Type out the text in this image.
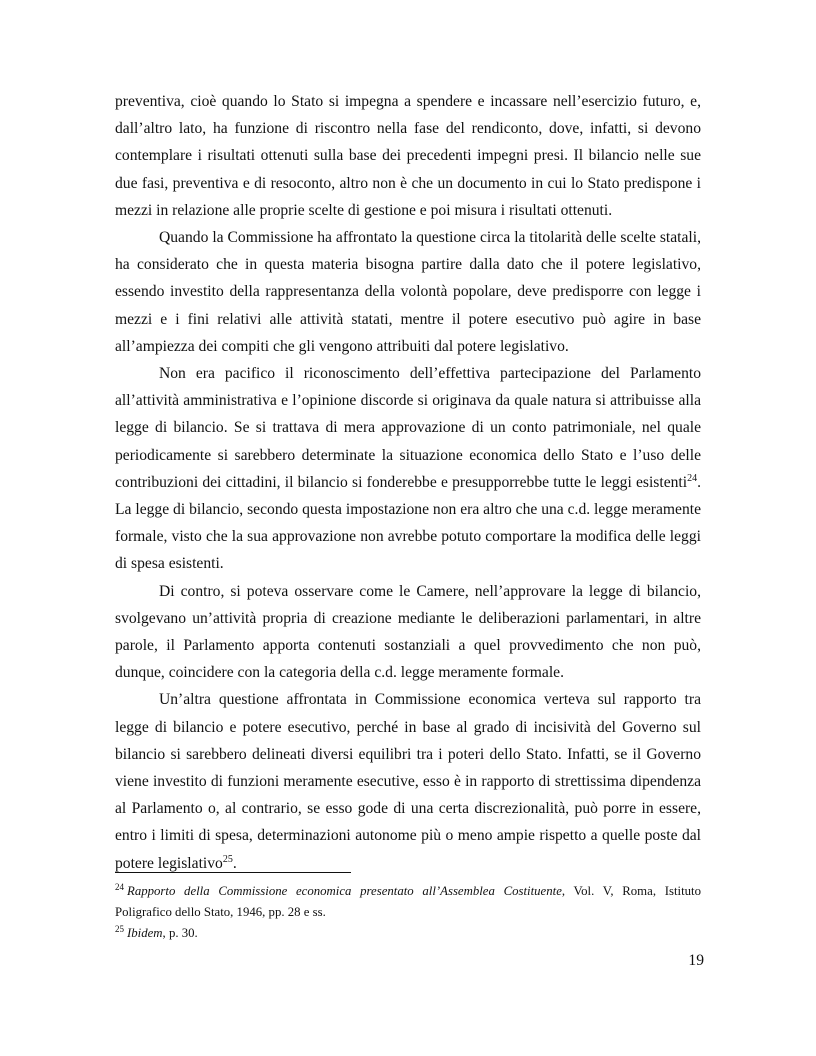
preventiva, cioè quando lo Stato si impegna a spendere e incassare nell’esercizio futuro, e, dall’altro lato, ha funzione di riscontro nella fase del rendiconto, dove, infatti, si devono contemplare i risultati ottenuti sulla base dei precedenti impegni presi. Il bilancio nelle sue due fasi, preventiva e di resoconto, altro non è che un documento in cui lo Stato predispone i mezzi in relazione alle proprie scelte di gestione e poi misura i risultati ottenuti.

Quando la Commissione ha affrontato la questione circa la titolarità delle scelte statali, ha considerato che in questa materia bisogna partire dalla dato che il potere legislativo, essendo investito della rappresentanza della volontà popolare, deve predisporre con legge i mezzi e i fini relativi alle attività statati, mentre il potere esecutivo può agire in base all’ampiezza dei compiti che gli vengono attribuiti dal potere legislativo.

Non era pacifico il riconoscimento dell’effettiva partecipazione del Parlamento all’attività amministrativa e l’opinione discorde si originava da quale natura si attribuisse alla legge di bilancio. Se si trattava di mera approvazione di un conto patrimoniale, nel quale periodicamente si sarebbero determinate la situazione economica dello Stato e l’uso delle contribuzioni dei cittadini, il bilancio si fonderebbe e presupporrebbe tutte le leggi esistenti$^{24}$. La legge di bilancio, secondo questa impostazione non era altro che una c.d. legge meramente formale, visto che la sua approvazione non avrebbe potuto comportare la modifica delle leggi di spesa esistenti.

Di contro, si poteva osservare come le Camere, nell’approvare la legge di bilancio, svolgevano un’attività propria di creazione mediante le deliberazioni parlamentari, in altre parole, il Parlamento apporta contenuti sostanziali a quel provvedimento che non può, dunque, coincidere con la categoria della c.d. legge meramente formale.

Un’altra questione affrontata in Commissione economica verteva sul rapporto tra legge di bilancio e potere esecutivo, perché in base al grado di incisività del Governo sul bilancio si sarebbero delineati diversi equilibri tra i poteri dello Stato. Infatti, se il Governo viene investito di funzioni meramente esecutive, esso è in rapporto di strettissima dipendenza al Parlamento o, al contrario, se esso gode di una certa discrezionalità, può porre in essere, entro i limiti di spesa, determinazioni autonome più o meno ampie rispetto a quelle poste dal potere legislativo$^{25}$.

$^{24}$ Rapporto della Commissione economica presentato all’Assemblea Costituente, Vol. V, Roma, Istituto Poligrafico dello Stato, 1946, pp. 28 e ss.

$^{25}$ Ibidem, p. 30.

19
